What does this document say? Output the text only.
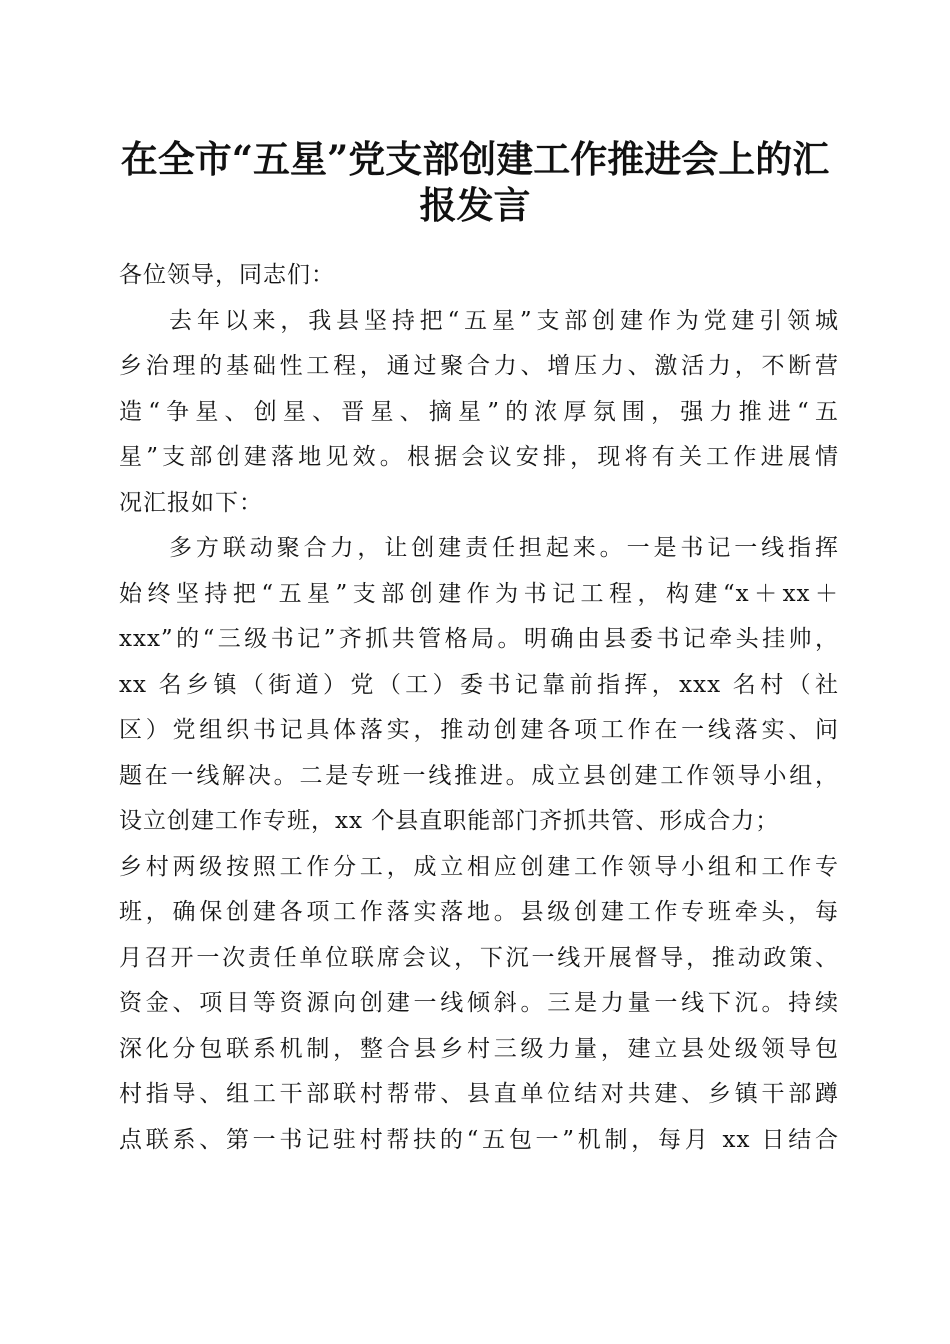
在全市“五星”党支部创建工作推进会上的汇
报发言
各位领导，同志们：
去年以来，我县坚持把“五星”支部创建作为党建引领城
乡治理的基础性工程，通过聚合力、增压力、激活力，不断营
造“争星、创星、晋星、摘星”的浓厚氛围，强力推进“五
星”支部创建落地见效。根据会议安排，现将有关工作进展情
况汇报如下：
多方联动聚合力，让创建责任担起来。一是书记一线指挥
始终坚持把“五星”支部创建作为书记工程，构建“x＋xx＋
xxx”的“三级书记”齐抓共管格局。明确由县委书记牵头挂帅，
xx 名乡镇（街道）党（工）委书记靠前指挥，xxx 名村（社
区）党组织书记具体落实，推动创建各项工作在一线落实、问
题在一线解决。二是专班一线推进。成立县创建工作领导小组，
设立创建工作专班，xx 个县直职能部门齐抓共管、形成合力；
乡村两级按照工作分工，成立相应创建工作领导小组和工作专
班，确保创建各项工作落实落地。县级创建工作专班牵头，每
月召开一次责任单位联席会议，下沉一线开展督导，推动政策、
资金、项目等资源向创建一线倾斜。三是力量一线下沉。持续
深化分包联系机制，整合县乡村三级力量，建立县处级领导包
村指导、组工干部联村帮带、县直单位结对共建、乡镇干部蹲
点联系、第一书记驻村帮扶的“五包一”机制，每月 xx 日结合
